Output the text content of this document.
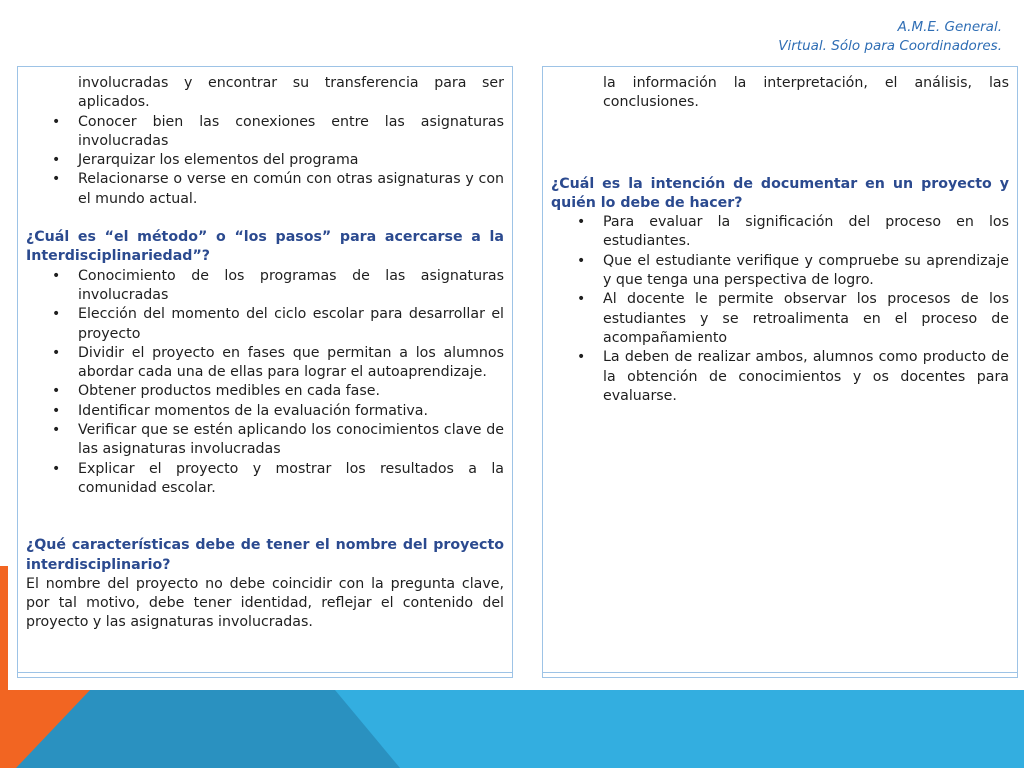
A.M.E. General.
Virtual. Sólo para Coordinadores.

involucradas y encontrar su transferencia para ser aplicados.

• Conocer bien las conexiones entre las asignaturas involucradas
• Jerarquizar los elementos del programa
• Relacionarse o verse en común con otras asignaturas y con el mundo actual.
¿Cuál es “el método” o “los pasos” para acercarse a la Interdisciplinariedad”?
• Conocimiento de los programas de las asignaturas involucradas
• Elección del momento del ciclo escolar para desarrollar el proyecto
• Dividir el proyecto en fases que permitan a los alumnos abordar cada una de ellas para lograr el autoaprendizaje.
• Obtener productos medibles en cada fase.
• Identificar momentos de la evaluación formativa.
• Verificar que se estén aplicando los conocimientos clave de las asignaturas involucradas
• Explicar el proyecto y mostrar los resultados a la comunidad escolar.
¿Qué características debe de tener el nombre del proyecto interdisciplinario?

El nombre del proyecto no debe coincidir con la pregunta clave, por tal motivo, debe tener identidad, reflejar el contenido del proyecto y las asignaturas involucradas.

la información la interpretación, el análisis, las conclusiones.

¿Cuál es la intención de documentar en un proyecto y quién lo debe de hacer?
• Para evaluar la significación del proceso en los estudiantes.
• Que el estudiante verifique y compruebe su aprendizaje y que tenga una perspectiva de logro.
• Al docente le permite observar los procesos de los estudiantes y se retroalimenta en el proceso de acompañamiento
• La deben de realizar ambos, alumnos como producto de la obtención de conocimientos y os docentes para evaluarse.
